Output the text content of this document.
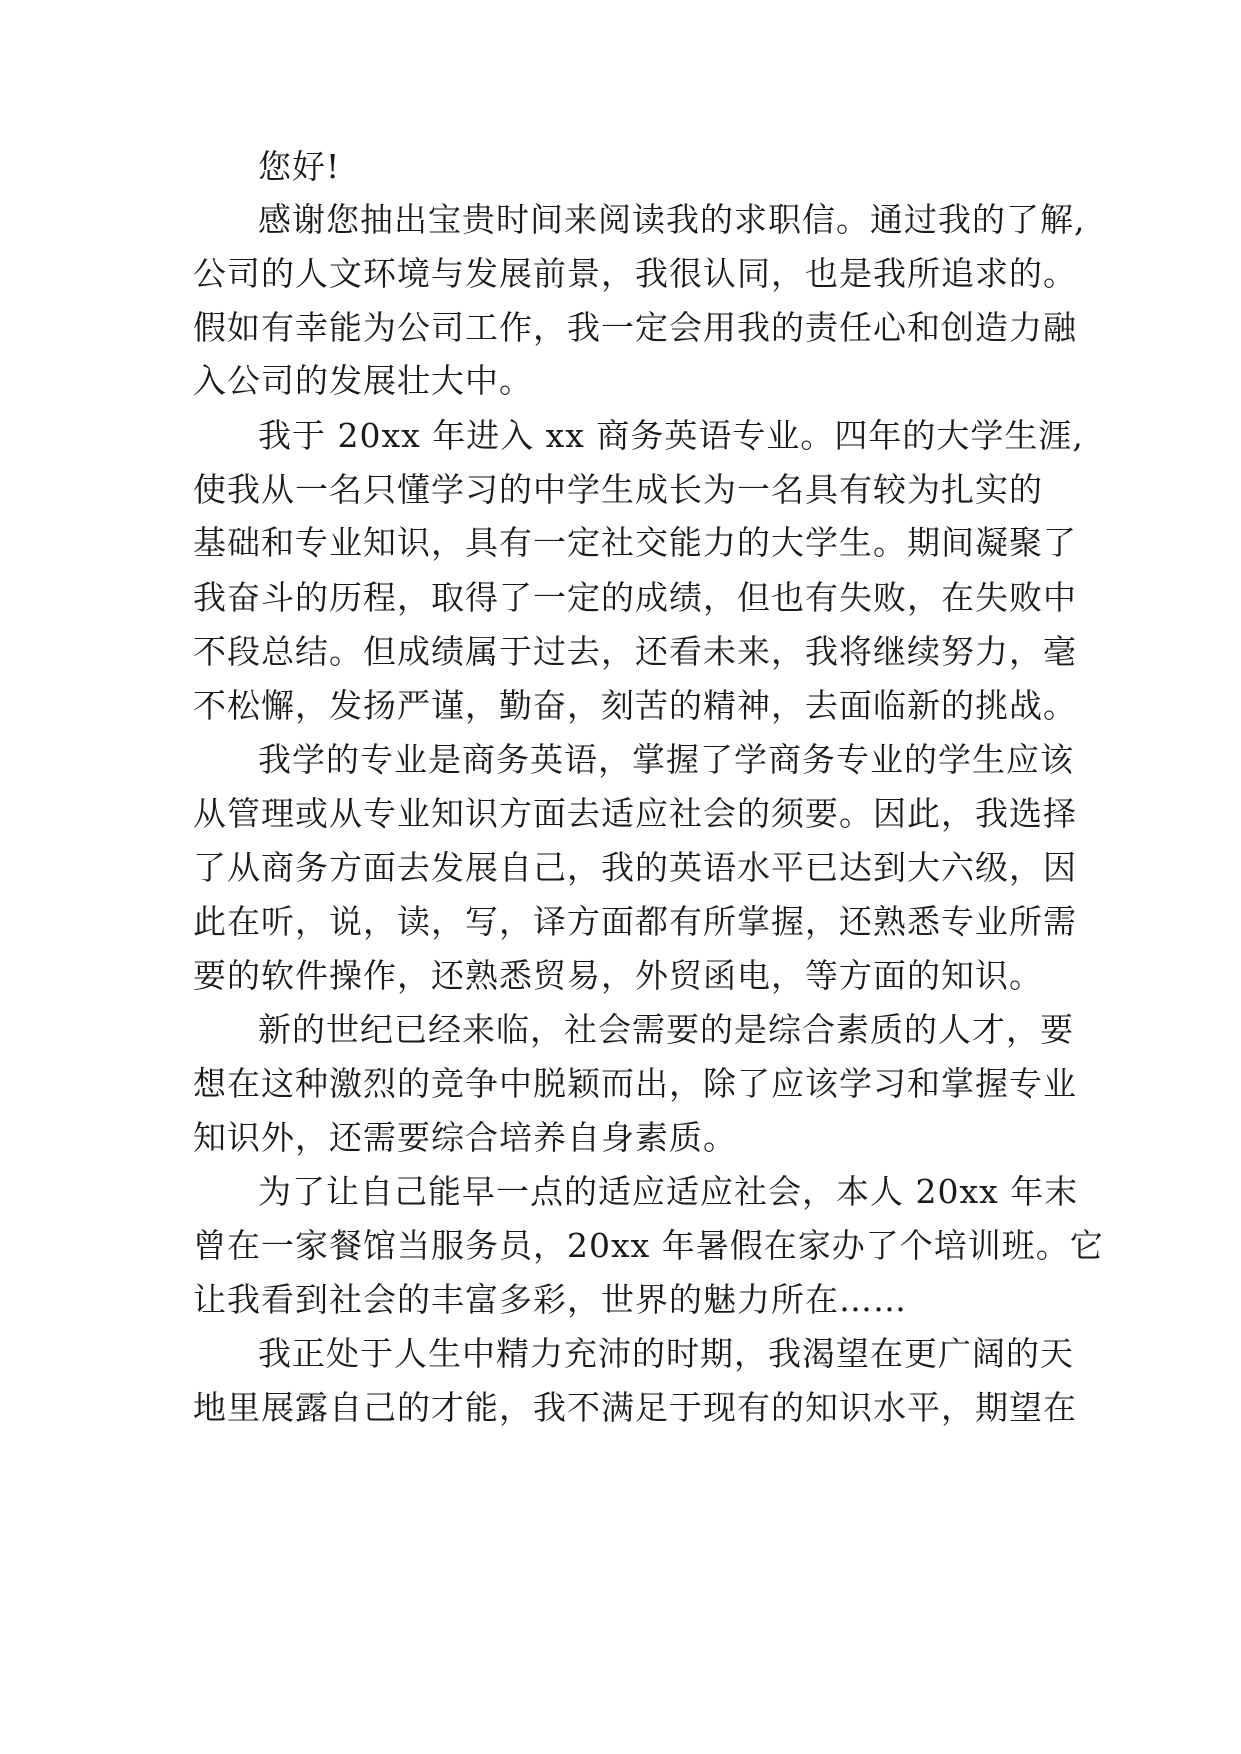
您好!
感谢您抽出宝贵时间来阅读我的求职信。通过我的了解,
公司的人文环境与发展前景，我很认同，也是我所追求的。
假如有幸能为公司工作，我一定会用我的责任心和创造力融
入公司的发展壮大中。
我于 20xx 年进入 xx 商务英语专业。四年的大学生涯,
使我从一名只懂学习的中学生成长为一名具有较为扎实的
基础和专业知识，具有一定社交能力的大学生。期间凝聚了
我奋斗的历程，取得了一定的成绩，但也有失败，在失败中
不段总结。但成绩属于过去，还看未来，我将继续努力，毫
不松懈，发扬严谨，勤奋，刻苦的精神，去面临新的挑战。
我学的专业是商务英语，掌握了学商务专业的学生应该
从管理或从专业知识方面去适应社会的须要。因此，我选择
了从商务方面去发展自己，我的英语水平已达到大六级，因
此在听，说，读，写，译方面都有所掌握，还熟悉专业所需
要的软件操作，还熟悉贸易，外贸函电，等方面的知识。
新的世纪已经来临，社会需要的是综合素质的人才，要
想在这种激烈的竞争中脱颖而出，除了应该学习和掌握专业
知识外，还需要综合培养自身素质。
为了让自己能早一点的适应适应社会，本人 20xx 年末
曾在一家餐馆当服务员，20xx 年暑假在家办了个培训班。它
让我看到社会的丰富多彩，世界的魅力所在……
我正处于人生中精力充沛的时期，我渴望在更广阔的天
地里展露自己的才能，我不满足于现有的知识水平，期望在
